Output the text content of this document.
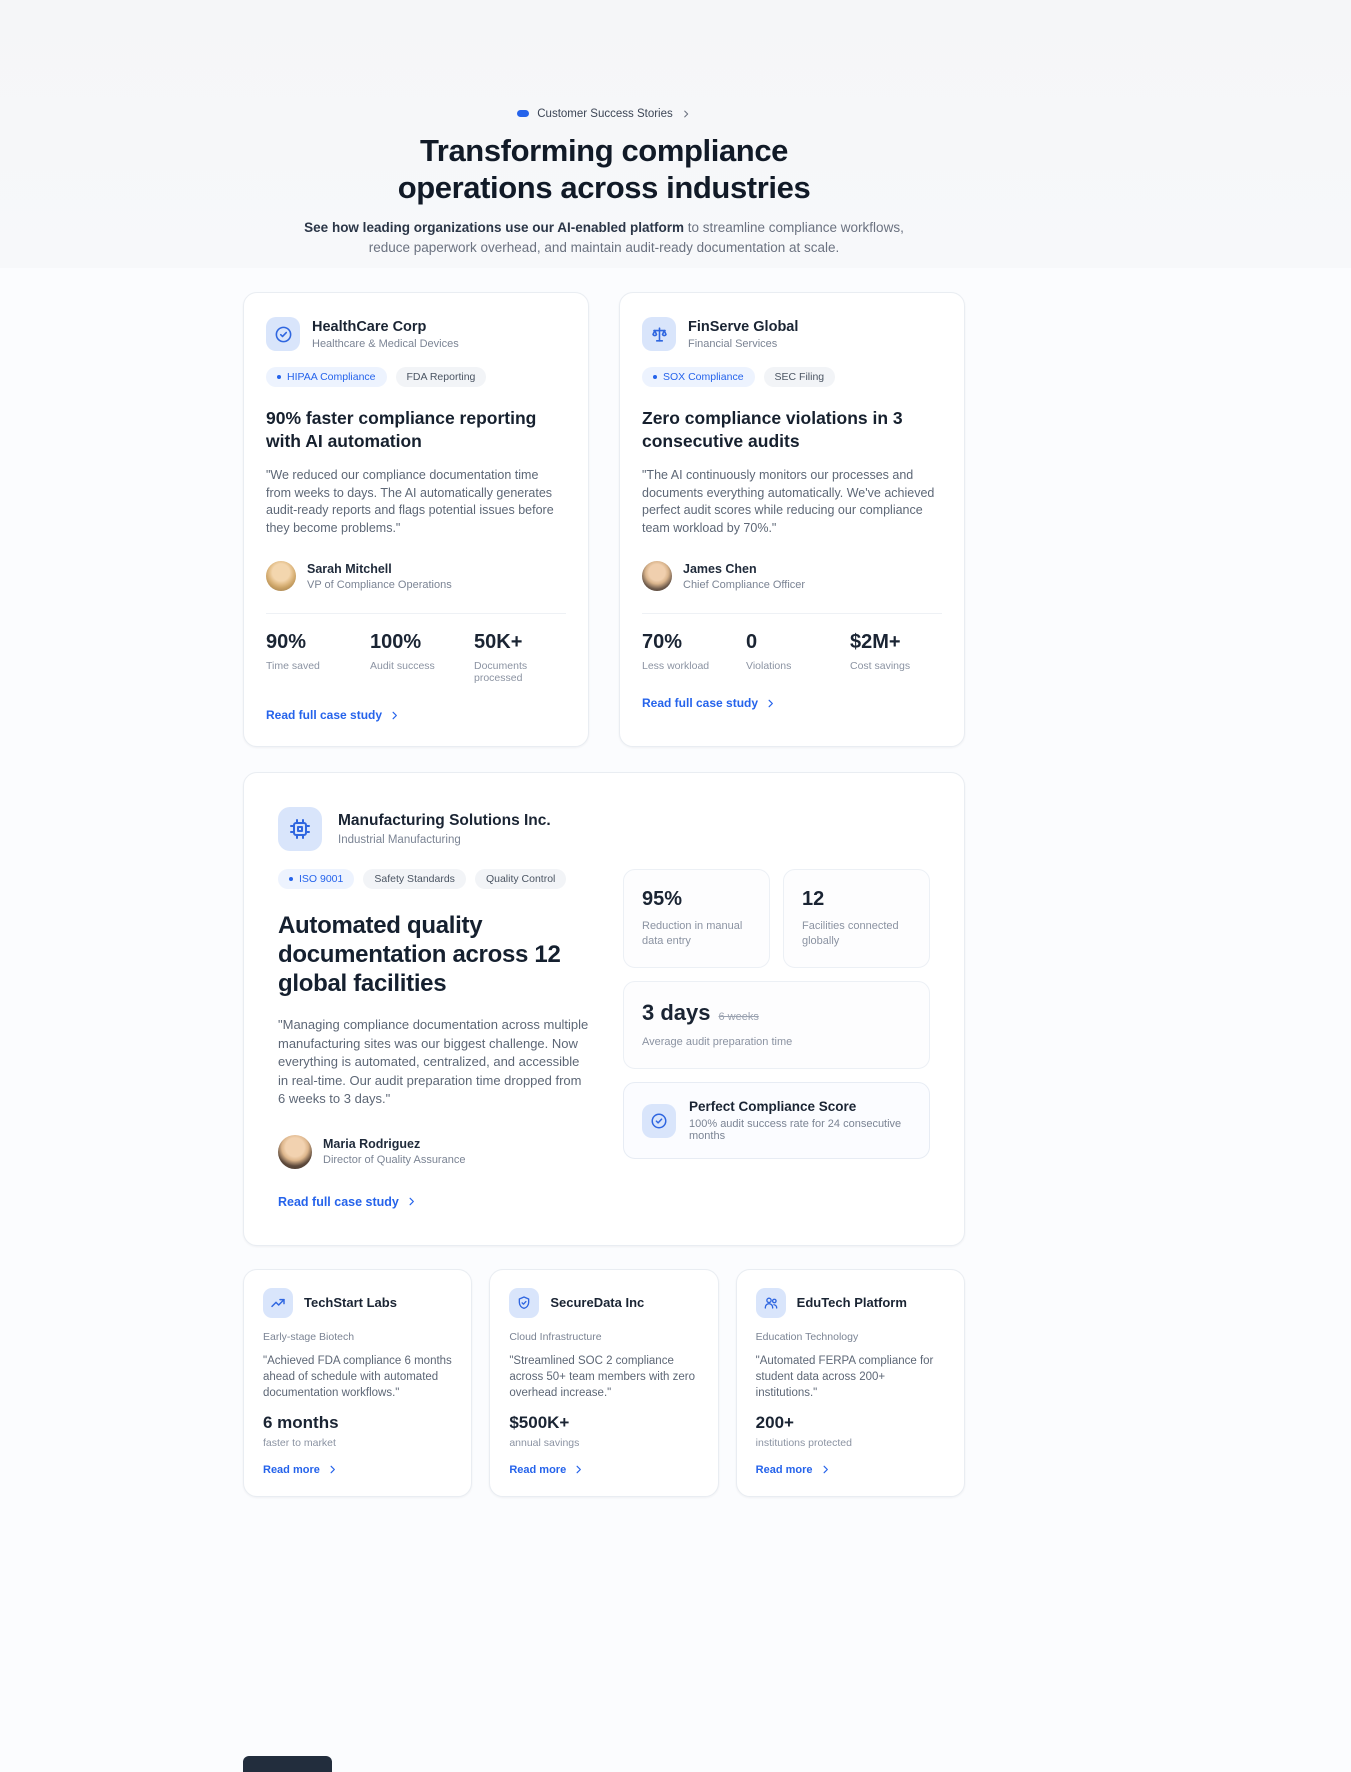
Customer Success Stories
Transforming compliance
operations across industries

See how leading organizations use our AI-enabled platform to streamline compliance workflows, reduce paperwork overhead, and maintain audit-ready documentation at scale.

HealthCare Corp
Healthcare & Medical Devices
HIPAA Compliance	FDA Reporting
90% faster compliance reporting with AI automation

"We reduced our compliance documentation time from weeks to days. The AI automatically generates audit-ready reports and flags potential issues before they become problems."

Sarah Mitchell
VP of Compliance Operations
90%
Time saved
100%
Audit success
50K+
Documents processed
Read full case study
FinServe Global
Financial Services
SOX Compliance	SEC Filing
Zero compliance violations in 3 consecutive audits

"The AI continuously monitors our processes and documents everything automatically. We've achieved perfect audit scores while reducing our compliance team workload by 70%."

James Chen
Chief Compliance Officer
70%
Less workload
0
Violations
$2M+
Cost savings
Read full case study
Manufacturing Solutions Inc.
Industrial Manufacturing
ISO 9001	Safety Standards	Quality Control
Automated quality documentation across 12 global facilities

"Managing compliance documentation across multiple manufacturing sites was our biggest challenge. Now everything is automated, centralized, and accessible in real-time. Our audit preparation time dropped from 6 weeks to 3 days."

Maria Rodriguez
Director of Quality Assurance
Read full case study
95%
Reduction in manual data entry
12
Facilities connected globally
3 days 6 weeks
Average audit preparation time
Perfect Compliance Score
100% audit success rate for 24 consecutive months
TechStart Labs
Early-stage Biotech

"Achieved FDA compliance 6 months ahead of schedule with automated documentation workflows."

6 months
faster to market
Read more
SecureData Inc
Cloud Infrastructure

"Streamlined SOC 2 compliance across 50+ team members with zero overhead increase."

$500K+
annual savings
Read more
EduTech Platform
Education Technology

"Automated FERPA compliance for student data across 200+ institutions."

200+
institutions protected
Read more
